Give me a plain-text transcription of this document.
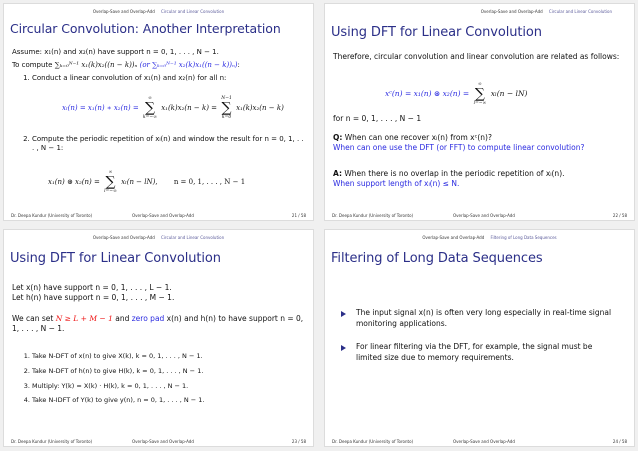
Overlap-Save and Overlap-Add Circular and Linear Convolution
Circular Convolution: Another Interpretation
Assume: x₁(n) and x₂(n) have support n = 0, 1, . . . , N − 1.
To compute ∑ₖ₌₀ᴺ⁻¹ x₁(k)x₂((n − k))ₙ (or ∑ₖ₌₀ᴺ⁻¹ x₂(k)x₁((n − k))ₙ):
1. Conduct a linear convolution of x₁(n) and x₂(n) for all n:
xₗ(n) = x₁(n) ∗ x₂(n) =
∞
∑
k=−∞
x₁(k)x₂(n − k) =
N−1
∑
k=0
x₁(k)x₂(n − k)
2. Compute the periodic repetition of xₗ(n) and window the result for n = 0, 1, . . . , N − 1:
x₁(n) ⊛ x₂(n) =
∞
∑
l=−∞
xₗ(n − lN), n = 0, 1, . . . , N − 1
Dr. Deepa Kundur (University of Toronto)	Overlap-Save and Overlap-Add	21 / 58
Overlap-Save and Overlap-Add Circular and Linear Convolution
Using DFT for Linear Convolution
Therefore, circular convolution and linear convolution are related as follows:
xᶜ(n) = x₁(n) ⊛ x₂(n) =
∞
∑
l=−∞
xₗ(n − lN)
for n = 0, 1, . . . , N − 1
Q: When can one recover xₗ(n) from xᶜ(n)?
When can one use the DFT (or FFT) to compute linear convolution?
A: When there is no overlap in the periodic repetition of xₗ(n).
When support length of xₗ(n) ≤ N.
Dr. Deepa Kundur (University of Toronto)	Overlap-Save and Overlap-Add	22 / 58
Overlap-Save and Overlap-Add Circular and Linear Convolution
Using DFT for Linear Convolution
Let x(n) have support n = 0, 1, . . . , L − 1.
Let h(n) have support n = 0, 1, . . . , M − 1.
We can set N ≥ L + M − 1 and zero pad x(n) and h(n) to have support n = 0, 1, . . . , N − 1.
1. Take N-DFT of x(n) to give X(k), k = 0, 1, . . . , N − 1.
2. Take N-DFT of h(n) to give H(k), k = 0, 1, . . . , N − 1.
3. Multiply: Y(k) = X(k) · H(k), k = 0, 1, . . . , N − 1.
4. Take N-IDFT of Y(k) to give y(n), n = 0, 1, . . . , N − 1.
Dr. Deepa Kundur (University of Toronto)	Overlap-Save and Overlap-Add	23 / 58
Overlap-Save and Overlap-Add Filtering of Long Data Sequences
Filtering of Long Data Sequences
The input signal x(n) is often very long especially in real-time signal monitoring applications.
For linear filtering via the DFT, for example, the signal must be limited size due to memory requirements.
Dr. Deepa Kundur (University of Toronto)	Overlap-Save and Overlap-Add	24 / 58
